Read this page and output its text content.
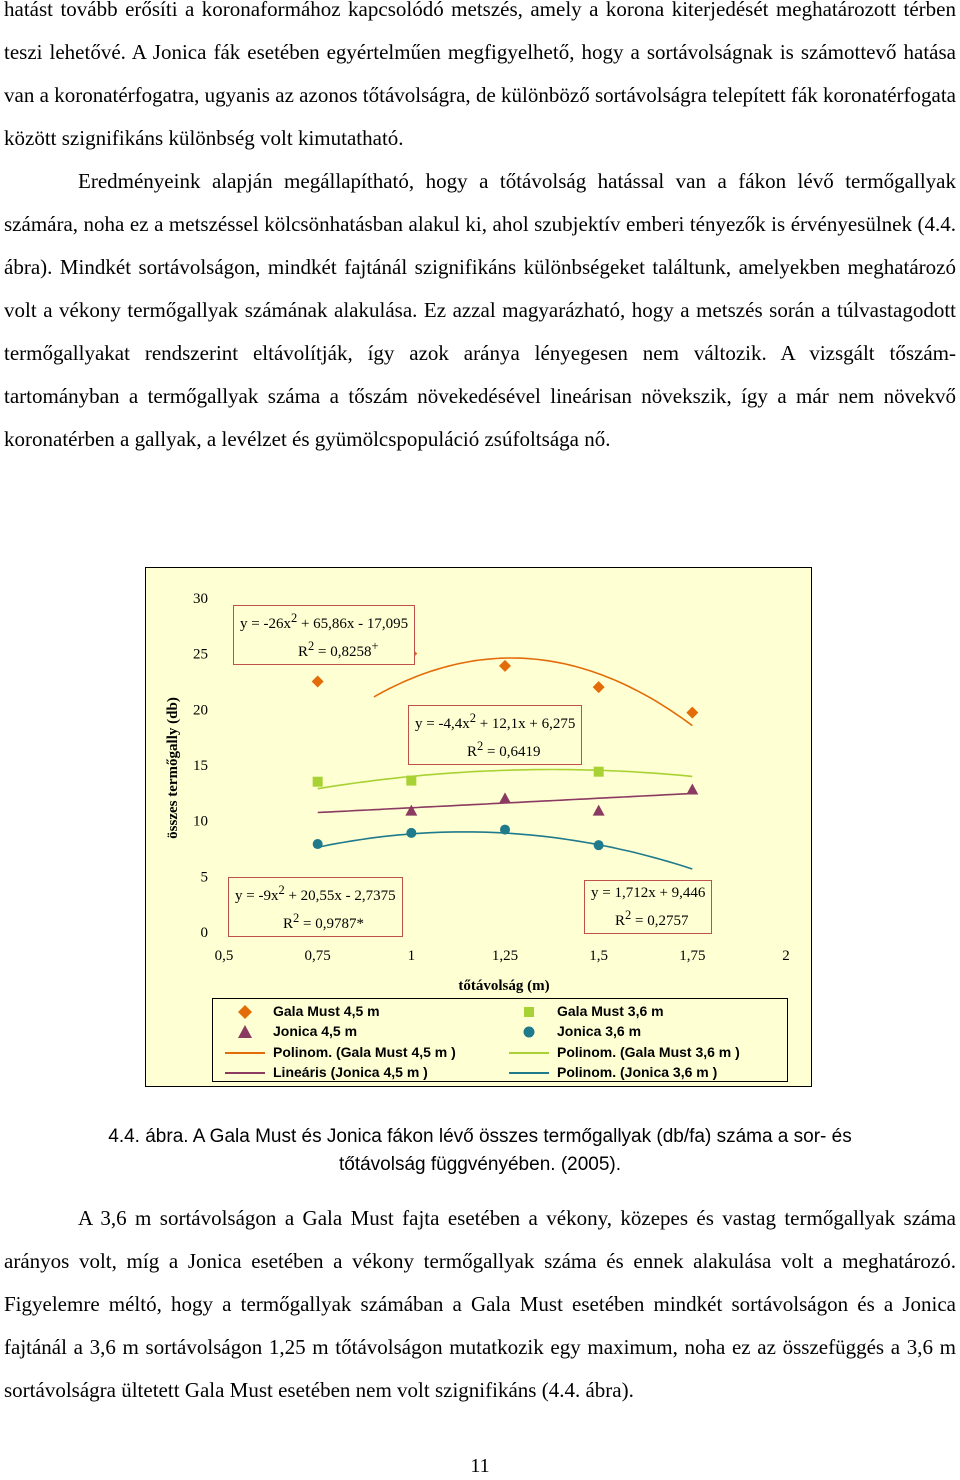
hatást tovább erősíti a koronaformához kapcsolódó metszés, amely a korona kiterjedését meghatározott térben teszi lehetővé. A Jonica fák esetében egyértelműen megfigyelhető, hogy a sortávolságnak is számottevő hatása van a koronatérfogatra, ugyanis az azonos tőtávolságra, de különböző sortávolságra telepített fák koronatérfogata között szignifikáns különbség volt kimutatható.

Eredményeink alapján megállapítható, hogy a tőtávolság hatással van a fákon lévő termőgallyak számára, noha ez a metszéssel kölcsönhatásban alakul ki, ahol szubjektív emberi tényezők is érvényesülnek (4.4. ábra). Mindkét sortávolságon, mindkét fajtánál szignifikáns különbségeket találtunk, amelyekben meghatározó volt a vékony termőgallyak számának alakulása. Ez azzal magyarázható, hogy a metszés során a túlvastagodott termőgallyakat rendszerint eltávolítják, így azok aránya lényegesen nem változik. A vizsgált tőszám-tartományban a termőgallyak száma a tőszám növekedésével lineárisan növekszik, így a már nem növekvő koronatérben a gallyak, a levélzet és gyümölcspopuláció zsúfoltsága nő.

0
5
10
15
20
25
30
0,5	0,75	1	1,25	1,5	1,75	2
tőtávolság (m)
összes termőgally (db)
$y = -26x^2 + 65,86x - 17,095$
$R^2 = 0,8258^+$
$y = -4,4x^2 + 12,1x + 6,275$
$R^2 = 0,6419$
$y = -9x^2 + 20,55x - 2,7375$
$R^2 = 0,9787*$
y = 1,712x + 9,446
$R^2 = 0,2757$
Gala Must 4,5 m	Gala Must 3,6 m
Jonica 4,5 m	Jonica 3,6 m
Polinom. (Gala Must 4,5 m )	Polinom. (Gala Must 3,6 m )
Lineáris (Jonica 4,5 m )	Polinom. (Jonica 3,6 m )
4.4. ábra. A Gala Must és Jonica fákon lévő összes termőgallyak (db/fa) száma a sor- és
tőtávolság függvényében. (2005).

A 3,6 m sortávolságon a Gala Must fajta esetében a vékony, közepes és vastag termőgallyak száma arányos volt, míg a Jonica esetében a vékony termőgallyak száma és ennek alakulása volt a meghatározó. Figyelemre méltó, hogy a termőgallyak számában a Gala Must esetében mindkét sortávolságon és a Jonica fajtánál a 3,6 m sortávolságon 1,25 m tőtávolságon mutatkozik egy maximum, noha ez az összefüggés a 3,6 m sortávolságra ültetett Gala Must esetében nem volt szignifikáns (4.4. ábra).

11
